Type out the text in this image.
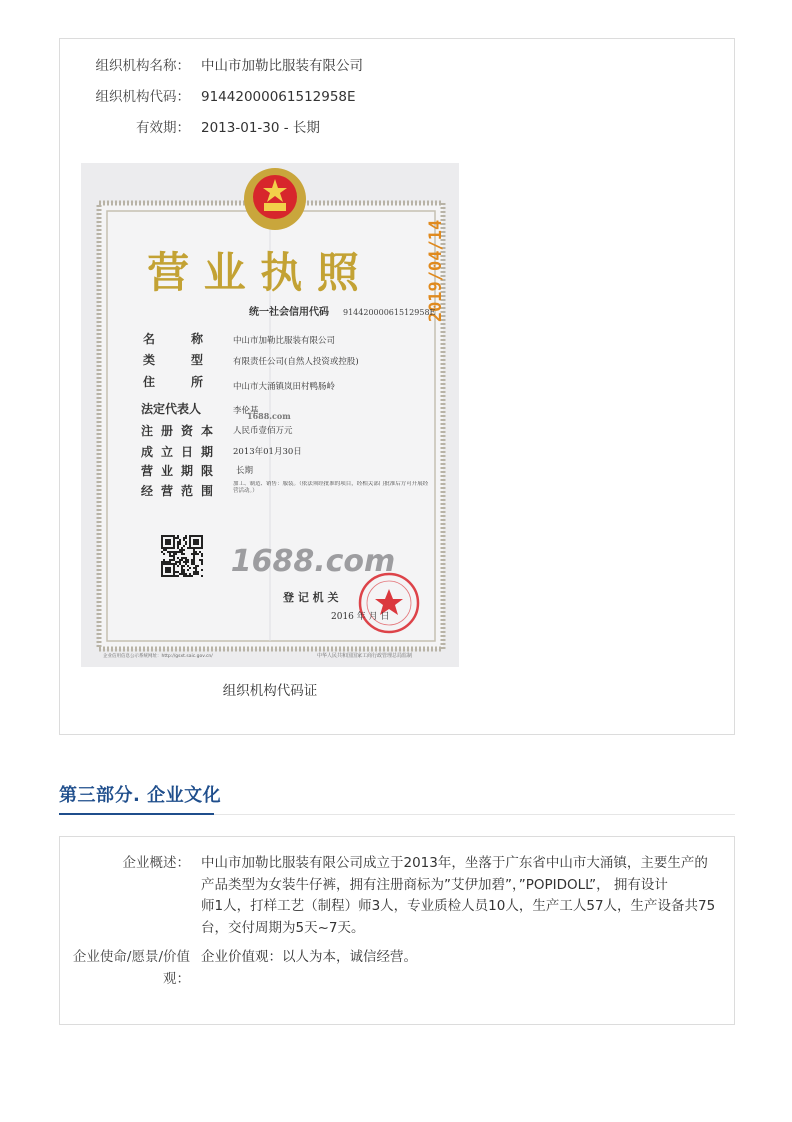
组织机构名称： 中山市加勒比服装有限公司
组织机构代码： 91442000061512958E
有效期： 2013-01-30 - 长期
营 业 执 照	2019/04/14
统一社会信用代码 91442000061512958E
名　　　称	中山市加勒比服装有限公司
类　　　型	有限责任公司(自然人投资或控股)
住　　　所	中山市大涌镇岚田村鸭肠岭
法定代表人	李伦基
1688.com
注册资本 人民币壹佰万元
成立日期 2013年01月30日
营业期限 长期
经营范围 加工、制造、销售：服装。（依法须经批准的项目，经相关部门批准后方可开展经营活动。）
1688.com
登 记 机 关
2016 年 月 日
企业信用信息公示系统网址：http://gsxt.saic.gov.cn/	中华人民共和国国家工商行政管理总局监制
组织机构代码证
第三部分. 企业文化
企业概述： 中山市加勒比服装有限公司成立于2013年，坐落于广东省中山市大涌镇，主要生产的
产品类型为女装牛仔裤，拥有注册商标为”艾伊加碧”，”POPIDOLL”， 拥有设计
师1人，打样工艺（制程）师3人，专业质检人员10人，生产工人57人，生产设备共75
台，交付周期为5天~7天。
企业使命/愿景/价值
观：
企业价值观：以人为本，诚信经营。
